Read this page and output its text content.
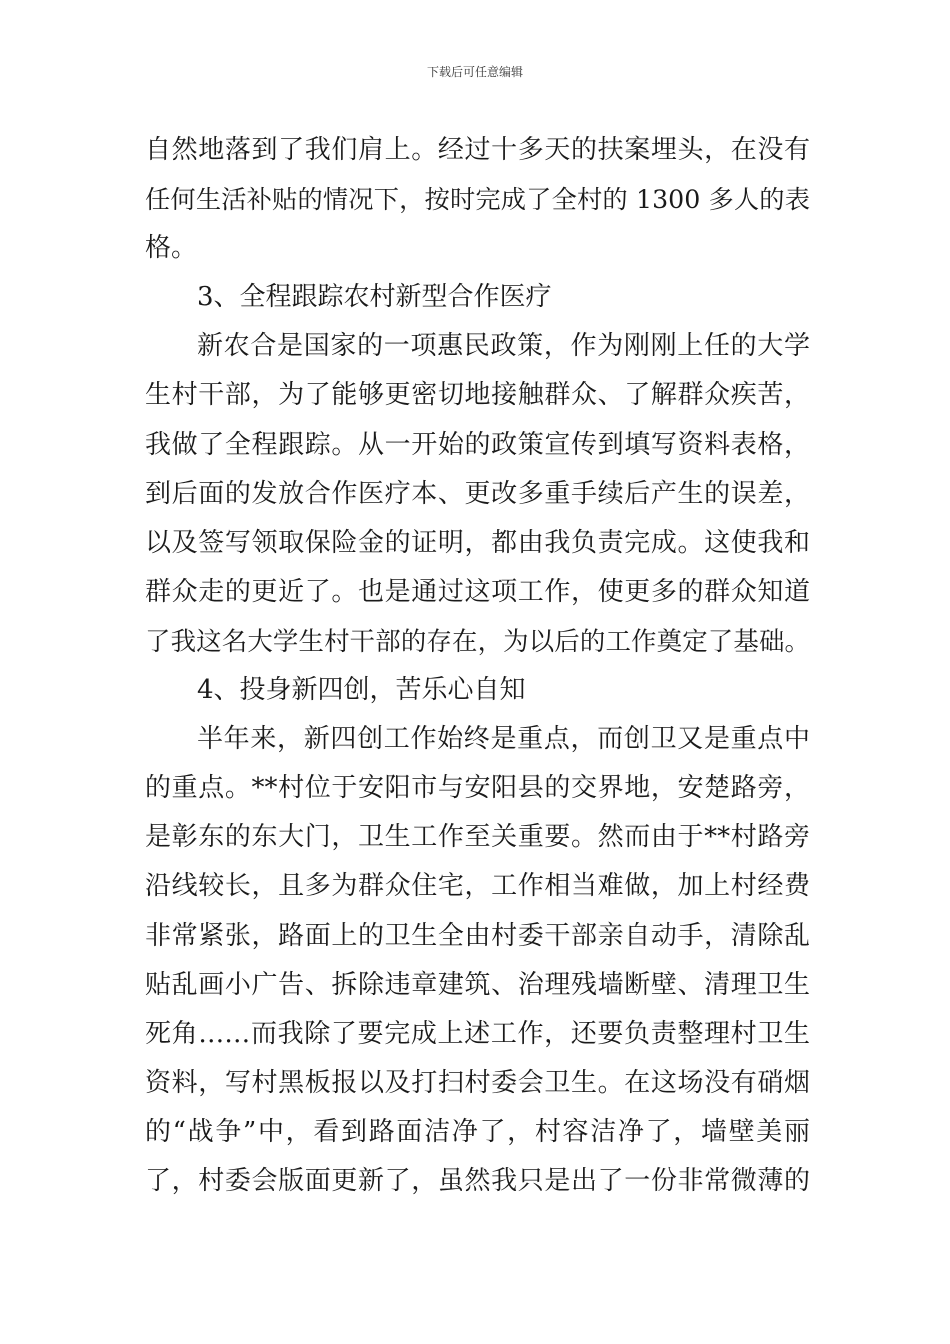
下载后可任意编辑
自然地落到了我们肩上。经过十多天的扶案埋头，在没有
任何生活补贴的情况下，按时完成了全村的 1300 多人的表
格。
3、全程跟踪农村新型合作医疗
新农合是国家的一项惠民政策，作为刚刚上任的大学
生村干部，为了能够更密切地接触群众、了解群众疾苦，
我做了全程跟踪。从一开始的政策宣传到填写资料表格，
到后面的发放合作医疗本、更改多重手续后产生的误差，
以及签写领取保险金的证明，都由我负责完成。这使我和
群众走的更近了。也是通过这项工作，使更多的群众知道
了我这名大学生村干部的存在，为以后的工作奠定了基础。
4、投身新四创，苦乐心自知
半年来，新四创工作始终是重点，而创卫又是重点中
的重点。**村位于安阳市与安阳县的交界地，安楚路旁，
是彰东的东大门，卫生工作至关重要。然而由于**村路旁
沿线较长，且多为群众住宅，工作相当难做，加上村经费
非常紧张，路面上的卫生全由村委干部亲自动手，清除乱
贴乱画小广告、拆除违章建筑、治理残墙断壁、清理卫生
死角……而我除了要完成上述工作，还要负责整理村卫生
资料，写村黑板报以及打扫村委会卫生。在这场没有硝烟
的“战争”中，看到路面洁净了，村容洁净了，墙壁美丽
了，村委会版面更新了，虽然我只是出了一份非常微薄的
